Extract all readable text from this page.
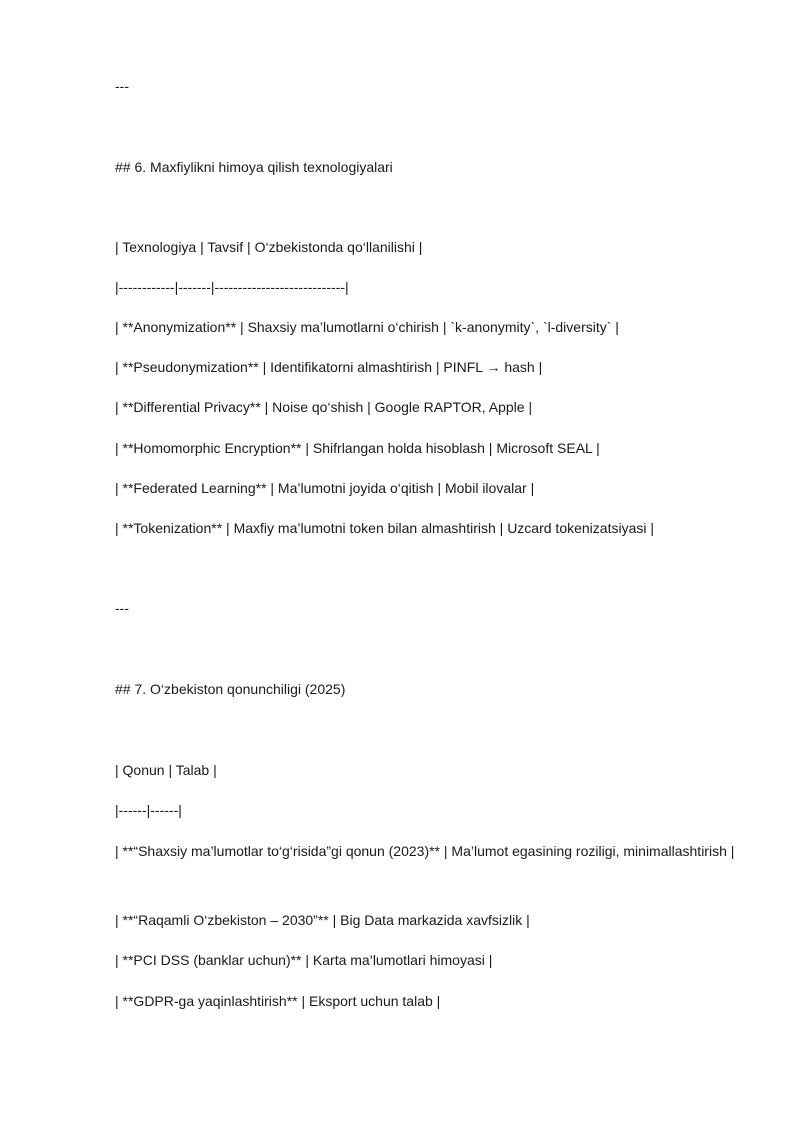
---
## 6. Maxfiylikni himoya qilish texnologiyalari
| Texnologiya | Tavsif | O‘zbekistonda qo‘llanilishi |
|------------|-------|----------------------------|
| **Anonymization** | Shaxsiy ma’lumotlarni o‘chirish | `k-anonymity`, `l-diversity` |
| **Pseudonymization** | Identifikatorni almashtirish | PINFL → hash |
| **Differential Privacy** | Noise qo‘shish | Google RAPTOR, Apple |
| **Homomorphic Encryption** | Shifrlangan holda hisoblash | Microsoft SEAL |
| **Federated Learning** | Ma’lumotni joyida o‘qitish | Mobil ilovalar |
| **Tokenization** | Maxfiy ma’lumotni token bilan almashtirish | Uzcard tokenizatsiyasi |
---
## 7. O‘zbekiston qonunchiligi (2025)
| Qonun | Talab |
|------|------|
| **“Shaxsiy ma’lumotlar to‘g‘risida”gi qonun (2023)** | Ma’lumot egasining roziligi, minimallashtirish |
| **“Raqamli O‘zbekiston – 2030”** | Big Data markazida xavfsizlik |
| **PCI DSS (banklar uchun)** | Karta ma’lumotlari himoyasi |
| **GDPR-ga yaqinlashtirish** | Eksport uchun talab |
